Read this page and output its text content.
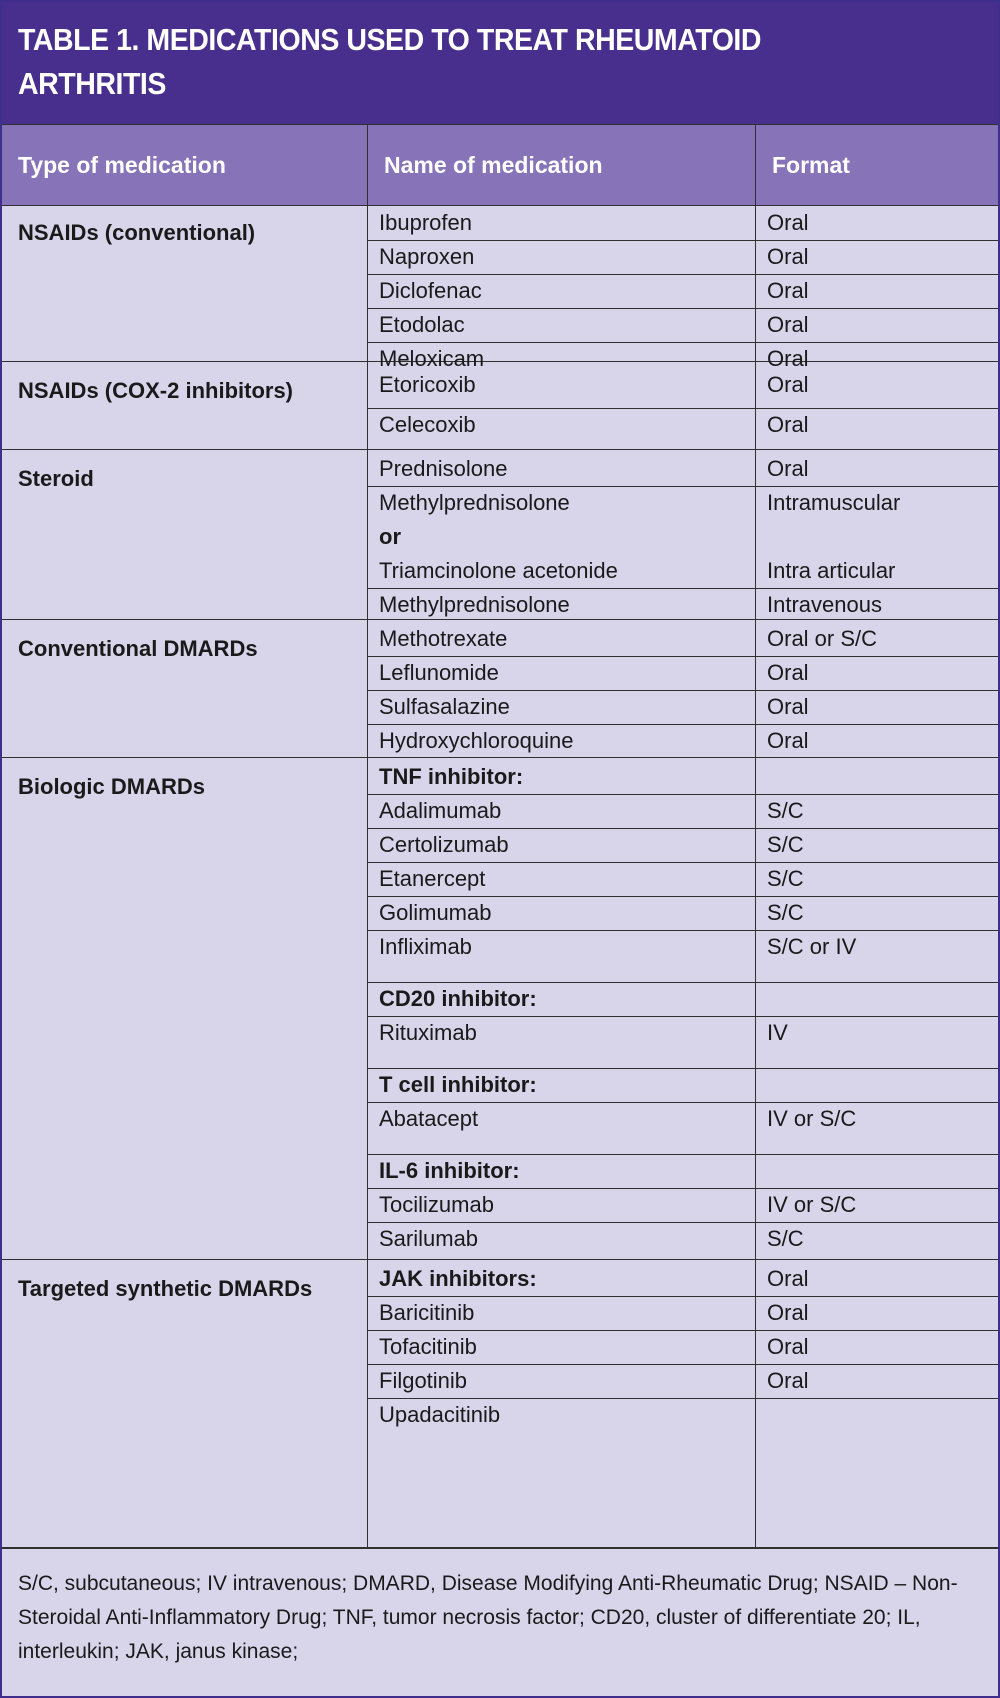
TABLE 1. MEDICATIONS USED TO TREAT RHEUMATOID ARTHRITIS
Type of medication	Name of medication	Format
NSAIDs (conventional)	Ibuprofen	Oral
Naproxen	Oral
Diclofenac	Oral
Etodolac	Oral
Meloxicam	Oral
NSAIDs (COX-2 inhibitors)	Etoricoxib	Oral
Celecoxib	Oral
Steroid	Prednisolone	Oral
Methylprednisolone	Intramuscular
or
Triamcinolone acetonide	Intra articular
Methylprednisolone	Intravenous
Conventional DMARDs	Methotrexate	Oral or S/C
Leflunomide	Oral
Sulfasalazine	Oral
Hydroxychloroquine	Oral
Biologic DMARDs	TNF inhibitor:
Adalimumab	S/C
Certolizumab	S/C
Etanercept	S/C
Golimumab	S/C
Infliximab	S/C or IV
CD20 inhibitor:
Rituximab	IV
T cell inhibitor:
Abatacept	IV or S/C
IL-6 inhibitor:
Tocilizumab	IV or S/C
Sarilumab	S/C
Targeted synthetic DMARDs	JAK inhibitors:	Oral
Baricitinib	Oral
Tofacitinib	Oral
Filgotinib	Oral
Upadacitinib
S/C, subcutaneous; IV intravenous; DMARD, Disease Modifying Anti-Rheumatic Drug; NSAID – Non-Steroidal Anti-Inflammatory Drug; TNF, tumor necrosis factor; CD20, cluster of differentiate 20; IL, interleukin; JAK, janus kinase;
